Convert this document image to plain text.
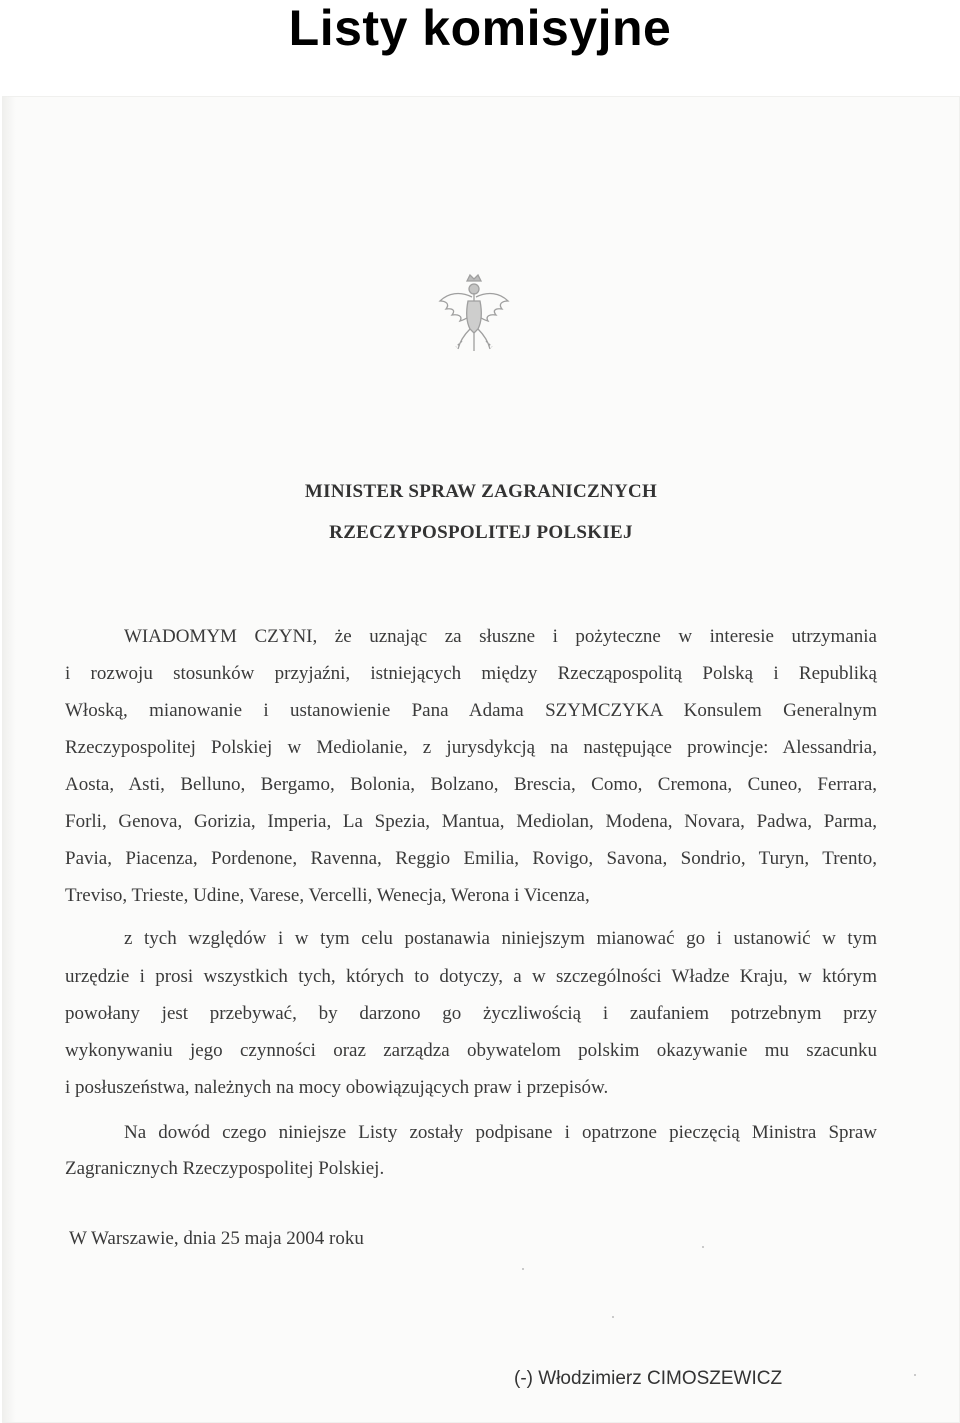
Listy komisyjne

MINISTER SPRAW ZAGRANICZNYCH

RZECZYPOSPOLITEJ POLSKIEJ

WIADOMYM CZYNI, że uznając za słuszne i pożyteczne w interesie utrzymania
i rozwoju stosunków przyjaźni, istniejących między Rzecząpospolitą Polską i Republiką
Włoską, mianowanie i ustanowienie Pana Adama SZYMCZYKA Konsulem Generalnym
Rzeczypospolitej Polskiej w Mediolanie, z jurysdykcją na następujące prowincje: Alessandria,
Aosta, Asti, Belluno, Bergamo, Bolonia, Bolzano, Brescia, Como, Cremona, Cuneo, Ferrara,
Forli, Genova, Gorizia, Imperia, La Spezia, Mantua, Mediolan, Modena, Novara, Padwa, Parma,
Pavia, Piacenza, Pordenone, Ravenna, Reggio Emilia, Rovigo, Savona, Sondrio, Turyn, Trento,
Treviso, Trieste, Udine, Varese, Vercelli, Wenecja, Werona i Vicenza,
z tych względów i w tym celu postanawia niniejszym mianować go i ustanowić w tym
urzędzie i prosi wszystkich tych, których to dotyczy, a w szczególności Władze Kraju, w którym
powołany jest przebywać, by darzono go życzliwością i zaufaniem potrzebnym przy
wykonywaniu jego czynności oraz zarządza obywatelom polskim okazywanie mu szacunku
i posłuszeństwa, należnych na mocy obowiązujących praw i przepisów.
Na dowód czego niniejsze Listy zostały podpisane i opatrzone pieczęcią Ministra Spraw
Zagranicznych Rzeczypospolitej Polskiej.
W Warszawie, dnia 25 maja 2004 roku
(-) Włodzimierz CIMOSZEWICZ
